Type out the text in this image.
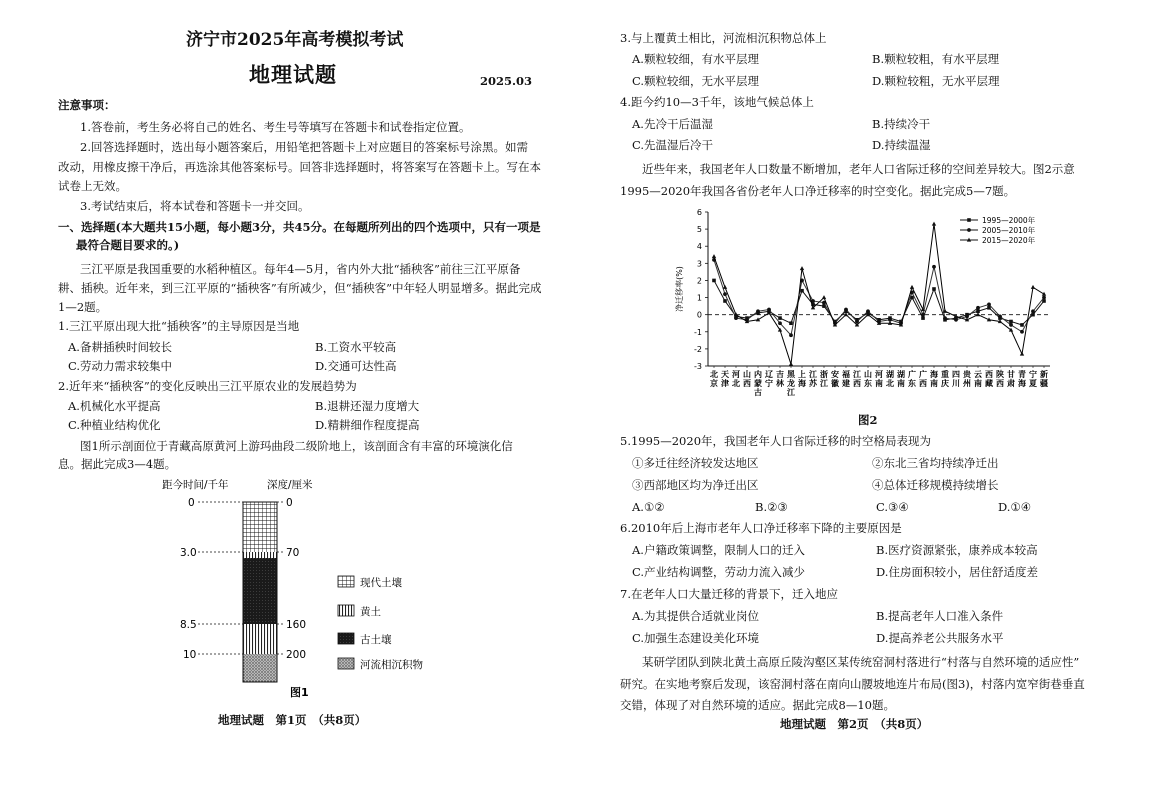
济宁市2025年高考模拟考试
地理试题	2025.03
注意事项：
1.答卷前，考生务必将自己的姓名、考生号等填写在答题卡和试卷指定位置。
2.回答选择题时，选出每小题答案后，用铅笔把答题卡上对应题目的答案标号涂黑。如需
改动，用橡皮擦干净后，再选涂其他答案标号。回答非选择题时，将答案写在答题卡上。写在本
试卷上无效。
3.考试结束后，将本试卷和答题卡一并交回。
一、选择题(本大题共15小题，每小题3分，共45分。在每题所列出的四个选项中，只有一项是
最符合题目要求的。)
三江平原是我国重要的水稻种植区。每年4—5月，省内外大批“插秧客”前往三江平原备
耕、插秧。近年来，到三江平原的“插秧客”有所减少，但“插秧客”中年轻人明显增多。据此完成
1—2题。
1.三江平原出现大批“插秧客”的主导原因是当地
A.备耕插秧时间较长	B.工资水平较高
C.劳动力需求较集中	D.交通可达性高
2.近年来“插秧客”的变化反映出三江平原农业的发展趋势为
A.机械化水平提高	B.退耕还湿力度增大
C.种植业结构优化	D.精耕细作程度提高
图1所示剖面位于青藏高原黄河上游玛曲段二级阶地上，该剖面含有丰富的环境演化信
息。据此完成3—4题。
距今时间/千年	深度/厘米
0
3.0
8.5
10
0
70
160
200
现代土壤
黄土
古土壤
河流相沉积物
图1
地理试题　第1页　（共8页）
3.与上覆黄土相比，河流相沉积物总体上
A.颗粒较细，有水平层理	B.颗粒较粗，有水平层理
C.颗粒较细，无水平层理	D.颗粒较粗，无水平层理
4.距今约10—3千年，该地气候总体上
A.先冷干后温湿	B.持续冷干
C.先温湿后冷干	D.持续温湿
近些年来，我国老年人口数量不断增加，老年人口省际迁移的空间差异较大。图2示意
1995—2020年我国各省份老年人口净迁移率的时空变化。据此完成5—7题。
6
5
4
3
2
1
0
-1
-2
-3
北京
天津
河北
山西
内蒙古
辽宁
吉林
黑龙江
上海
江苏
浙江
安徽
福建
江西
山东
河南
湖北
湖南
广东
广西
海南
重庆
四川
贵州
云南
西藏
陕西
甘肃
青海
宁夏
新疆
1995—2000年
2005—2010年
2015—2020年
净迁移率(%)
图2
5.1995—2020年，我国老年人口省际迁移的时空格局表现为
①多迁往经济较发达地区	②东北三省均持续净迁出
③西部地区均为净迁出区	④总体迁移规模持续增长
A.①②	B.②③	C.③④	D.①④
6.2010年后上海市老年人口净迁移率下降的主要原因是
A.户籍政策调整，限制人口的迁入	B.医疗资源紧张，康养成本较高
C.产业结构调整，劳动力流入减少	D.住房面积较小，居住舒适度差
7.在老年人口大量迁移的背景下，迁入地应
A.为其提供合适就业岗位	B.提高老年人口准入条件
C.加强生态建设美化环境	D.提高养老公共服务水平
某研学团队到陕北黄土高原丘陵沟壑区某传统窑洞村落进行“村落与自然环境的适应性”
研究。在实地考察后发现，该窑洞村落在南向山腰坡地连片布局(图3)，村落内宽窄街巷垂直
交错，体现了对自然环境的适应。据此完成8—10题。
地理试题　第2页　（共8页）
